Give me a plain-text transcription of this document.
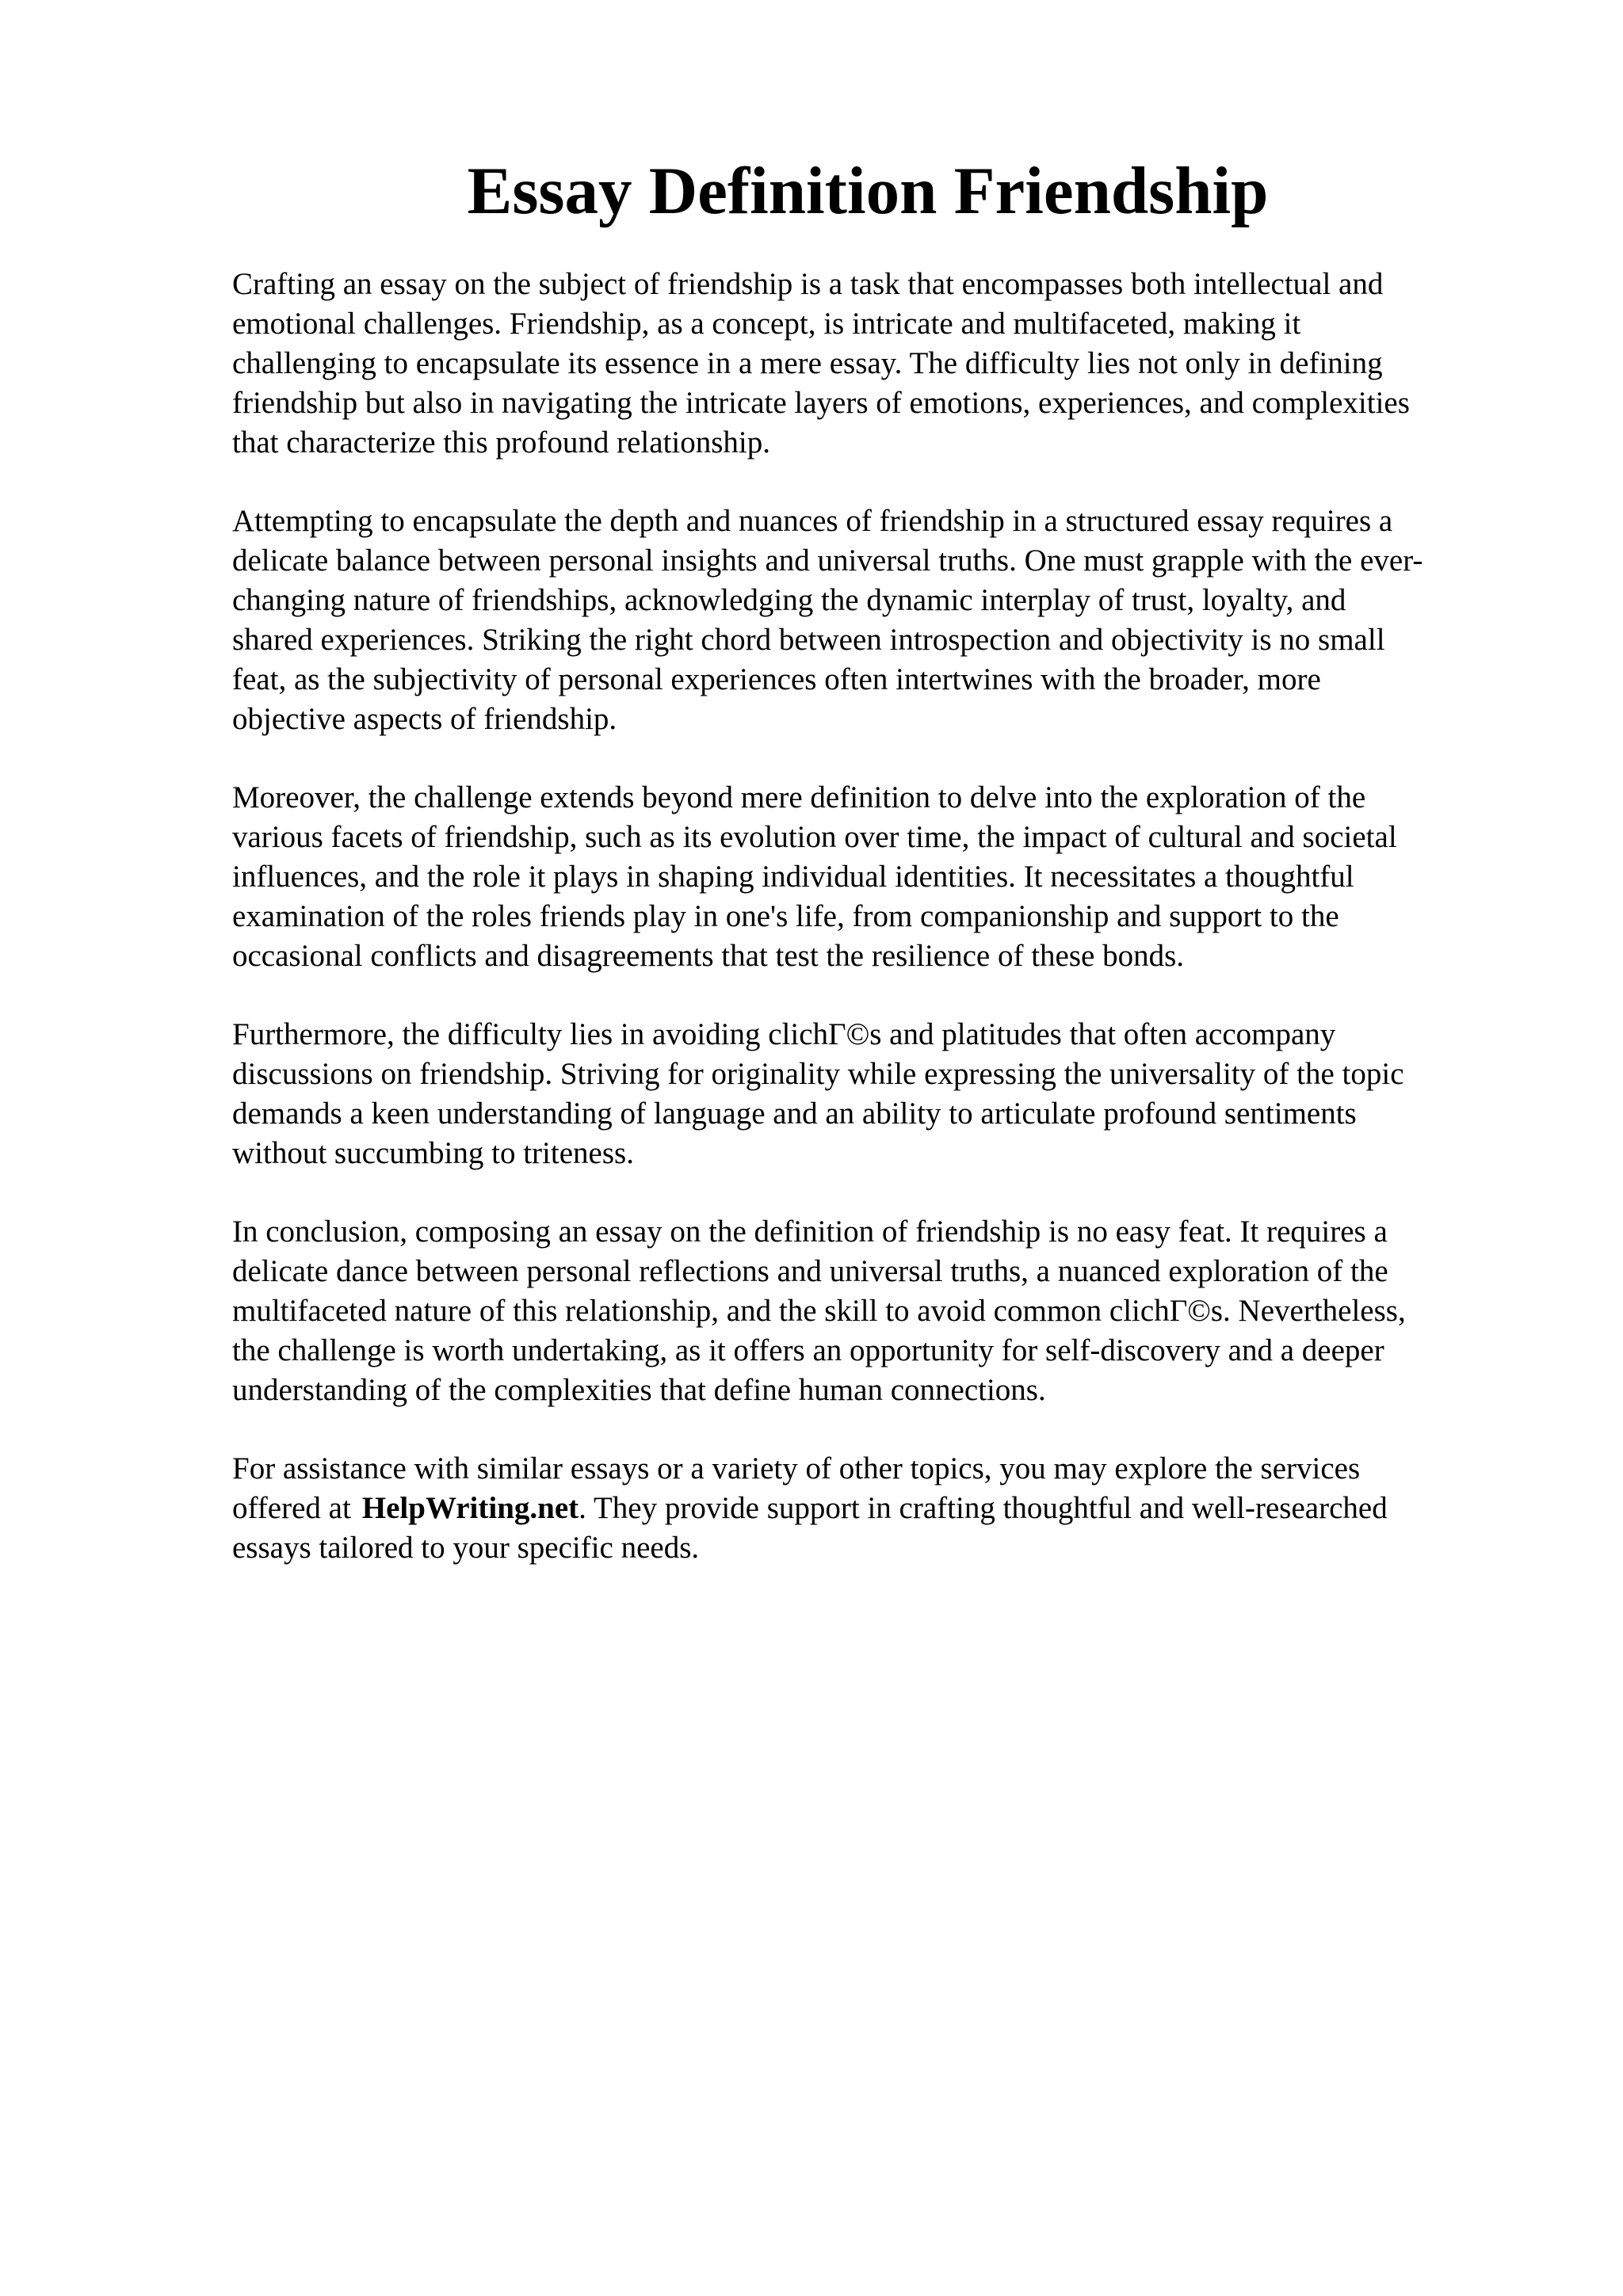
Essay Definition Friendship

Crafting an essay on the subject of friendship is a task that encompasses both intellectual and
emotional challenges. Friendship, as a concept, is intricate and multifaceted, making it
challenging to encapsulate its essence in a mere essay. The difficulty lies not only in defining
friendship but also in navigating the intricate layers of emotions, experiences, and complexities
that characterize this profound relationship.

Attempting to encapsulate the depth and nuances of friendship in a structured essay requires a
delicate balance between personal insights and universal truths. One must grapple with the ever-
changing nature of friendships, acknowledging the dynamic interplay of trust, loyalty, and
shared experiences. Striking the right chord between introspection and objectivity is no small
feat, as the subjectivity of personal experiences often intertwines with the broader, more
objective aspects of friendship.

Moreover, the challenge extends beyond mere definition to delve into the exploration of the
various facets of friendship, such as its evolution over time, the impact of cultural and societal
influences, and the role it plays in shaping individual identities. It necessitates a thoughtful
examination of the roles friends play in one's life, from companionship and support to the
occasional conflicts and disagreements that test the resilience of these bonds.

Furthermore, the difficulty lies in avoiding clichΓ©s and platitudes that often accompany
discussions on friendship. Striving for originality while expressing the universality of the topic
demands a keen understanding of language and an ability to articulate profound sentiments
without succumbing to triteness.

In conclusion, composing an essay on the definition of friendship is no easy feat. It requires a
delicate dance between personal reflections and universal truths, a nuanced exploration of the
multifaceted nature of this relationship, and the skill to avoid common clichΓ©s. Nevertheless,
the challenge is worth undertaking, as it offers an opportunity for self-discovery and a deeper
understanding of the complexities that define human connections.

For assistance with similar essays or a variety of other topics, you may explore the services
offered at HelpWriting.net. They provide support in crafting thoughtful and well-researched
essays tailored to your specific needs.
